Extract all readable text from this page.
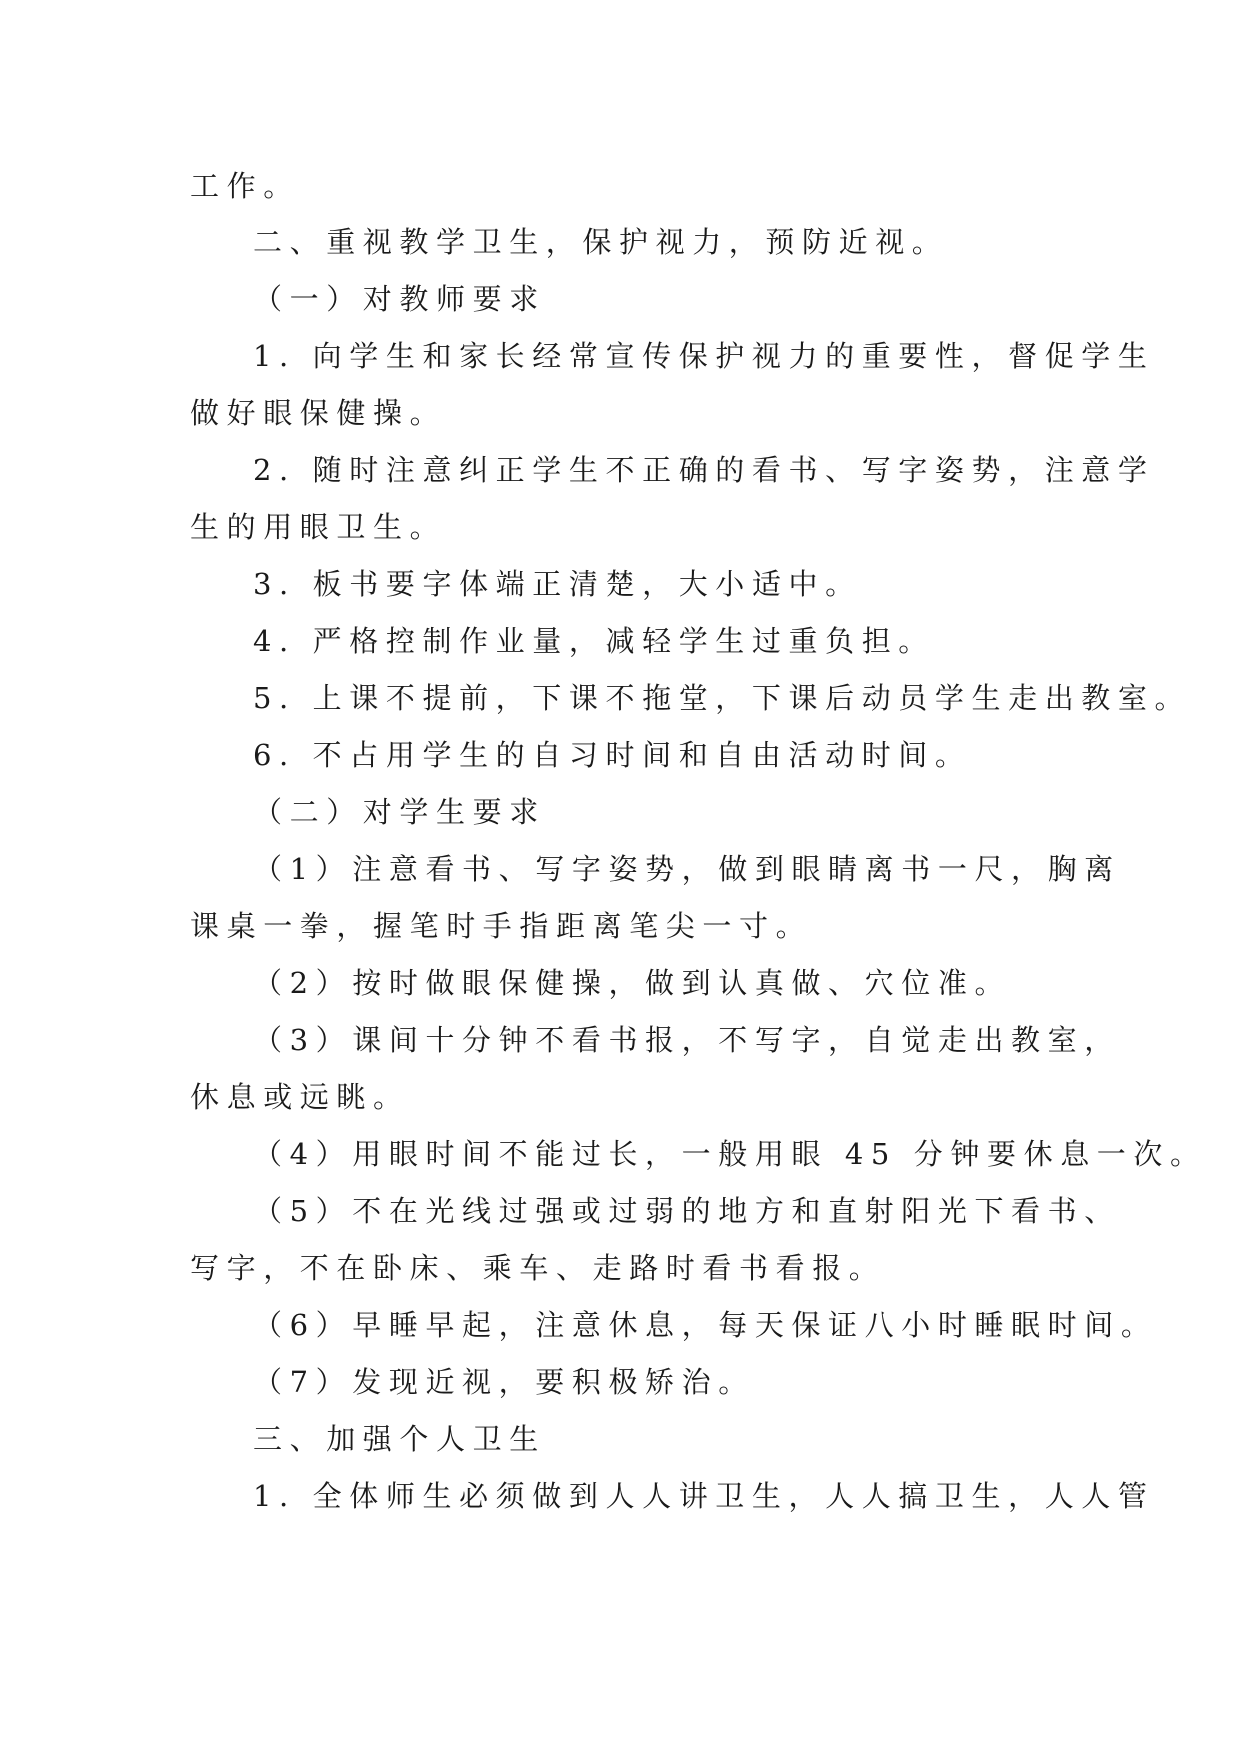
工作。
二、重视教学卫生，保护视力，预防近视。
（一）对教师要求
1. 向学生和家长经常宣传保护视力的重要性，督促学生
做好眼保健操。
2. 随时注意纠正学生不正确的看书、写字姿势，注意学
生的用眼卫生。
3. 板书要字体端正清楚，大小适中。
4. 严格控制作业量，减轻学生过重负担。
5. 上课不提前，下课不拖堂，下课后动员学生走出教室。
6. 不占用学生的自习时间和自由活动时间。
（二）对学生要求
（1）注意看书、写字姿势，做到眼睛离书一尺，胸离
课桌一拳，握笔时手指距离笔尖一寸。
（2）按时做眼保健操，做到认真做、穴位准。
（3）课间十分钟不看书报，不写字，自觉走出教室，
休息或远眺。
（4）用眼时间不能过长，一般用眼 45 分钟要休息一次。
（5）不在光线过强或过弱的地方和直射阳光下看书、
写字，不在卧床、乘车、走路时看书看报。
（6）早睡早起，注意休息，每天保证八小时睡眠时间。
（7）发现近视，要积极矫治。
三、加强个人卫生
1. 全体师生必须做到人人讲卫生，人人搞卫生，人人管
